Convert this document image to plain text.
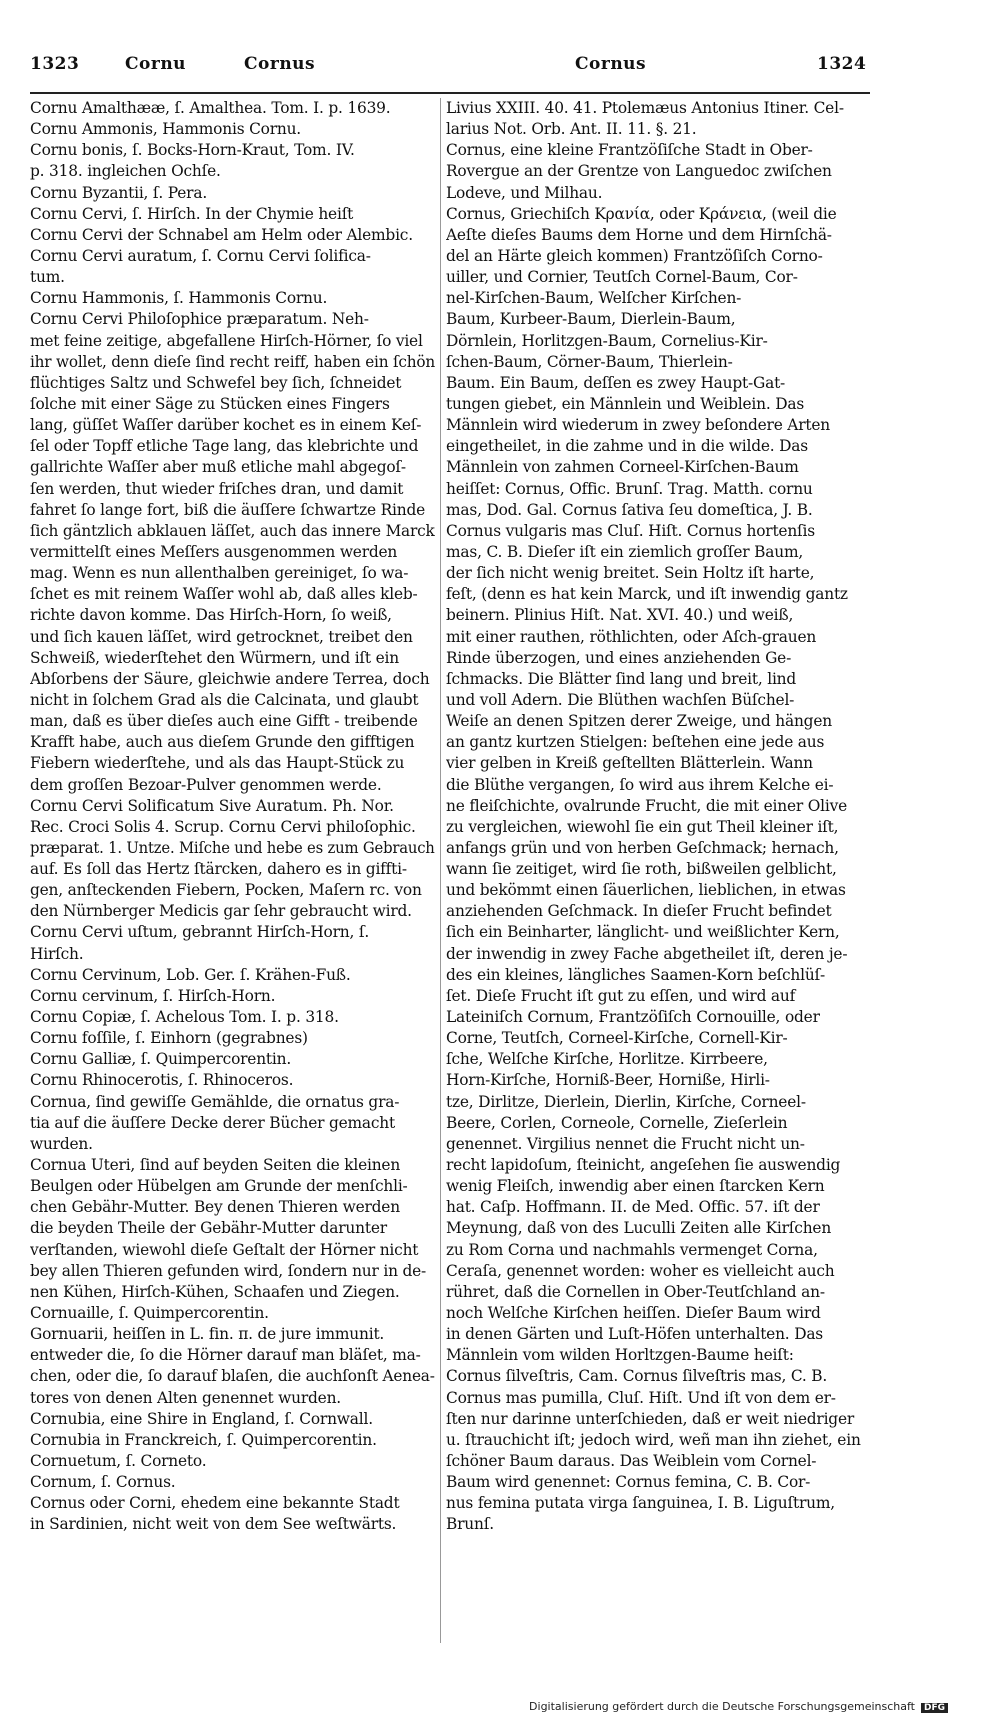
1323	Cornu	Cornus	Cornus	1324
Cornu Amalthææ, ſ. Amalthea. Tom. I. p. 1639.
Cornu Ammonis, Hammonis Cornu.
Cornu bonis, ſ. Bocks-Horn-Kraut, Tom. IV.
p. 318. ingleichen Ochſe.
Cornu Byzantii, ſ. Pera.
Cornu Cervi, ſ. Hirſch. In der Chymie heiſt
Cornu Cervi der Schnabel am Helm oder Alembic.
Cornu Cervi auratum, ſ. Cornu Cervi ſolifica-
tum.
Cornu Hammonis, ſ. Hammonis Cornu.
Cornu Cervi Philoſophice præparatum. Neh-
met feine zeitige, abgefallene Hirſch-Hörner, ſo viel
ihr wollet, denn dieſe ſind recht reiff, haben ein ſchön
flüchtiges Saltz und Schwefel bey ſich, ſchneidet
ſolche mit einer Säge zu Stücken eines Fingers
lang, güſſet Waſſer darüber kochet es in einem Keſ-
ſel oder Topff etliche Tage lang, das klebrichte und
gallrichte Waſſer aber muß etliche mahl abgegoſ-
ſen werden, thut wieder friſches dran, und damit
fahret ſo lange fort, biß die äuſſere ſchwartze Rinde
ſich gäntzlich abklauen läſſet, auch das innere Marck
vermittelſt eines Meſſers ausgenommen werden
mag. Wenn es nun allenthalben gereiniget, ſo wa-
ſchet es mit reinem Waſſer wohl ab, daß alles kleb-
richte davon komme. Das Hirſch-Horn, ſo weiß,
und ſich kauen läſſet, wird getrocknet, treibet den
Schweiß, wiederſtehet den Würmern, und iſt ein
Abſorbens der Säure, gleichwie andere Terrea, doch
nicht in ſolchem Grad als die Calcinata, und glaubt
man, daß es über dieſes auch eine Gifft - treibende
Krafft habe, auch aus dieſem Grunde den gifftigen
Fiebern wiederſtehe, und als das Haupt-Stück zu
dem groſſen Bezoar-Pulver genommen werde.
Cornu Cervi Solificatum Sive Auratum. Ph. Nor.
Rec. Croci Solis 4. Scrup. Cornu Cervi philoſophic.
præparat. 1. Untze. Miſche und hebe es zum Gebrauch
auf. Es ſoll das Hertz ſtärcken, dahero es in giffti-
gen, anſteckenden Fiebern, Pocken, Maſern rc. von
den Nürnberger Medicis gar ſehr gebraucht wird.
Cornu Cervi uſtum, gebrannt Hirſch-Horn, ſ.
Hirſch.
Cornu Cervinum, Lob. Ger. ſ. Krähen-Fuß.
Cornu cervinum, ſ. Hirſch-Horn.
Cornu Copiæ, ſ. Achelous Tom. I. p. 318.
Cornu foſſile, ſ. Einhorn (gegrabnes)
Cornu Galliæ, ſ. Quimpercorentin.
Cornu Rhinocerotis, ſ. Rhinoceros.
Cornua, ſind gewiſſe Gemählde, die ornatus gra-
tia auf die äuſſere Decke derer Bücher gemacht
wurden.
Cornua Uteri, ſind auf beyden Seiten die kleinen
Beulgen oder Hübelgen am Grunde der menſchli-
chen Gebähr-Mutter. Bey denen Thieren werden
die beyden Theile der Gebähr-Mutter darunter
verſtanden, wiewohl dieſe Geſtalt der Hörner nicht
bey allen Thieren gefunden wird, ſondern nur in de-
nen Kühen, Hirſch-Kühen, Schaafen und Ziegen.
Cornuaille, ſ. Quimpercorentin.
Gornuarii, heiſſen in L. fin. π. de jure immunit.
entweder die, ſo die Hörner darauf man bläſet, ma-
chen, oder die, ſo darauf blaſen, die auchſonſt Aenea-
tores von denen Alten genennet wurden.
Cornubia, eine Shire in England, ſ. Cornwall.
Cornubia in Franckreich, ſ. Quimpercorentin.
Cornuetum, ſ. Corneto.
Cornum, ſ. Cornus.
Cornus oder Corni, ehedem eine bekannte Stadt
in Sardinien, nicht weit von dem See weſtwärts.
Livius XXIII. 40. 41. Ptolemæus Antonius Itiner. Cel-
larius Not. Orb. Ant. II. 11. §. 21.
Cornus, eine kleine Frantzöſiſche Stadt in Ober-
Rovergue an der Grentze von Languedoc zwiſchen
Lodeve, und Milhau.
Cornus, Griechiſch Κρανία, oder Κράνεια, (weil die
Aeſte dieſes Baums dem Horne und dem Hirnſchä-
del an Härte gleich kommen) Frantzöſiſch Corno-
uiller, und Cornier, Teutſch Cornel-Baum, Cor-
nel-Kirſchen-Baum, Welſcher Kirſchen-
Baum, Kurbeer-Baum, Dierlein-Baum,
Dörnlein, Horlitzgen-Baum, Cornelius-Kir-
ſchen-Baum, Cörner-Baum, Thierlein-
Baum. Ein Baum, deſſen es zwey Haupt-Gat-
tungen giebet, ein Männlein und Weiblein. Das
Männlein wird wiederum in zwey beſondere Arten
eingetheilet, in die zahme und in die wilde. Das
Männlein von zahmen Corneel-Kirſchen-Baum
heiſſet: Cornus, Offic. Brunſ. Trag. Matth. cornu
mas, Dod. Gal. Cornus ſativa ſeu domeſtica, J. B.
Cornus vulgaris mas Cluſ. Hiſt. Cornus hortenſis
mas, C. B. Dieſer iſt ein ziemlich groſſer Baum,
der ſich nicht wenig breitet. Sein Holtz iſt harte,
feſt, (denn es hat kein Marck, und iſt inwendig gantz
beinern. Plinius Hiſt. Nat. XVI. 40.) und weiß,
mit einer rauthen, röthlichten, oder Aſch-grauen
Rinde überzogen, und eines anziehenden Ge-
ſchmacks. Die Blätter ſind lang und breit, lind
und voll Adern. Die Blüthen wachſen Büſchel-
Weiſe an denen Spitzen derer Zweige, und hängen
an gantz kurtzen Stielgen: beſtehen eine jede aus
vier gelben in Kreiß geſtellten Blätterlein. Wann
die Blüthe vergangen, ſo wird aus ihrem Kelche ei-
ne fleiſchichte, ovalrunde Frucht, die mit einer Olive
zu vergleichen, wiewohl ſie ein gut Theil kleiner iſt,
anfangs grün und von herben Geſchmack; hernach,
wann ſie zeitiget, wird ſie roth, bißweilen gelblicht,
und bekömmt einen ſäuerlichen, lieblichen, in etwas
anziehenden Geſchmack. In dieſer Frucht befindet
ſich ein Beinharter, länglicht- und weißlichter Kern,
der inwendig in zwey Fache abgetheilet iſt, deren je-
des ein kleines, längliches Saamen-Korn beſchlüſ-
ſet. Dieſe Frucht iſt gut zu eſſen, und wird auf
Lateiniſch Cornum, Frantzöſiſch Cornouille, oder
Corne, Teutſch, Corneel-Kirſche, Cornell-Kir-
ſche, Welſche Kirſche, Horlitze. Kirrbeere,
Horn-Kirſche, Horniß-Beer, Horniße, Hirli-
tze, Dirlitze, Dierlein, Dierlin, Kirſche, Corneel-
Beere, Corlen, Corneole, Cornelle, Zieſerlein
genennet. Virgilius nennet die Frucht nicht un-
recht lapidoſum, ſteinicht, angeſehen ſie auswendig
wenig Fleiſch, inwendig aber einen ſtarcken Kern
hat. Caſp. Hoffmann. II. de Med. Offic. 57. iſt der
Meynung, daß von des Luculli Zeiten alle Kirſchen
zu Rom Corna und nachmahls vermenget Corna,
Ceraſa, genennet worden: woher es vielleicht auch
rühret, daß die Cornellen in Ober-Teutſchland an-
noch Welſche Kirſchen heiſſen. Dieſer Baum wird
in denen Gärten und Luſt-Höfen unterhalten. Das
Männlein vom wilden Horltzgen-Baume heiſt:
Cornus ſilveſtris, Cam. Cornus ſilveſtris mas, C. B.
Cornus mas pumilla, Cluſ. Hiſt. Und iſt von dem er-
ſten nur darinne unterſchieden, daß er weit niedriger
u. ſtrauchicht iſt; jedoch wird, weñ man ihn ziehet, ein
ſchöner Baum daraus. Das Weiblein vom Cornel-
Baum wird genennet: Cornus femina, C. B. Cor-
nus femina putata virga ſanguinea, I. B. Liguſtrum,
Brunſ.
Digitalisierung gefördert durch die Deutsche Forschungsgemeinschaft DFG
